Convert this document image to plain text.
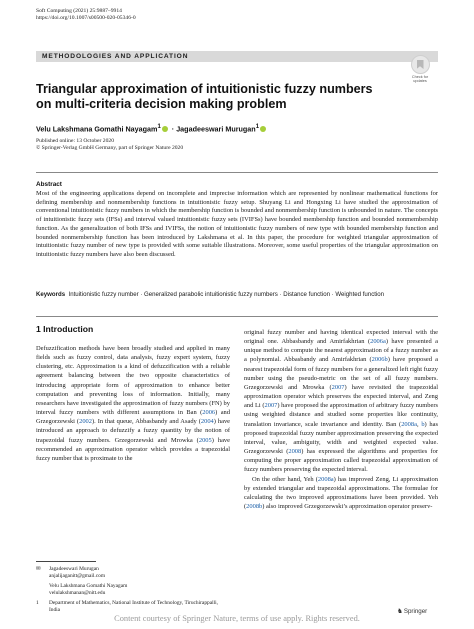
Soft Computing (2021) 25:9887–9914
https://doi.org/10.1007/s00500-020-05346-0
METHODOLOGIES AND APPLICATION
Check for
updates
Triangular approximation of intuitionistic fuzzy numbers on multi-criteria decision making problem
Velu Lakshmana Gomathi Nayagam$^1$ · Jagadeeswari Murugan$^1$
Published online: 13 October 2020
© Springer-Verlag GmbH Germany, part of Springer Nature 2020
Abstract
Most of the engineering applications depend on incomplete and imprecise information which are represented by nonlinear mathematical functions for defining membership and nonmembership functions in intuitionistic fuzzy setup. Shuyang Li and Hongxing Li have studied the approximation of conventional intuitionistic fuzzy numbers in which the membership function is bounded and nonmembership function is unbounded in nature. The concepts of intuitionistic fuzzy sets (IFSs) and interval valued intuitionistic fuzzy sets (IVIFSs) have bounded membership function and bounded nonmembership function. As the generalization of both IFSs and IVIFSs, the notion of intuitionistic fuzzy numbers of new type with bounded membership function and bounded nonmembership function has been introduced by Lakshmana et al. In this paper, the procedure for weighted triangular approximation of intuitionistic fuzzy number of new type is provided with some suitable illustrations. Moreover, some useful properties of the triangular approximation on intuitionistic fuzzy numbers have also been discussed.
Keywords Intuitionistic fuzzy number · Generalized parabolic intuitionistic fuzzy numbers · Distance function · Weighted function
1 Introduction
Defuzzification methods have been broadly studied and applied in many fields such as fuzzy control, data analysis, fuzzy expert system, fuzzy clustering, etc. Approximation is a kind of defuzzification with a reliable agreement balancing between the two opposite characteristics of introducing appropriate form of approximation to enhance better computation and preventing loss of information. Initially, many researchers have investigated the approximation of fuzzy numbers (FN) by interval fuzzy numbers with different assumptions in Ban (2006) and Grzegorzewski (2002). In that queue, Abbasbandy and Asady (2004) have introduced an approach to defuzzify a fuzzy quantity by the notion of trapezoidal fuzzy numbers. Grzegorzewski and Mrowka (2005) have recommended an approximation operator which provides a trapezoidal fuzzy number that is proximate to the
original fuzzy number and having identical expected interval with the original one. Abbasbandy and Amirfakhrian (2006a) have presented a unique method to compute the nearest approximation of a fuzzy number as a polynomial. Abbasbandy and Amirfakhrian (2006b) have proposed a nearest trapezoidal form of fuzzy numbers for a generalized left right fuzzy number using the pseudo-metric on the set of all fuzzy numbers. Grzegorzewski and Mrowka (2007) have revisited the trapezoidal approximation operator which preserves the expected interval, and Zeng and Li (2007) have proposed the approximation of arbitrary fuzzy numbers using weighted distance and studied some properties like continuity, translation invariance, scale invariance and identity. Ban (2008a, b) has proposed trapezoidal fuzzy number approximation preserving the expected interval, value, ambiguity, width and weighted expected value. Grzegorzewski (2008) has expressed the algorithms and properties for computing the proper approximation called trapezoidal approximation of fuzzy numbers preserving the expected interval.
On the other hand, Yeh (2008a) has improved Zeng, Li approximation by extended triangular and trapezoidal approximations. The formulae for calculating the two improved approximations have been provided. Yeh (2008b) also improved Grzegorzewski’s approximation operator preserv-
✉ Jagadeeswari Murugan
anjalijaganitt@gmail.com
Velu Lakshmana Gomathi Nayagam
velulakshmanan@nitt.edu
1 Department of Mathematics, National Institute of Technology, Tiruchirappalli, India	♞Springer
Content courtesy of Springer Nature, terms of use apply. Rights reserved.
